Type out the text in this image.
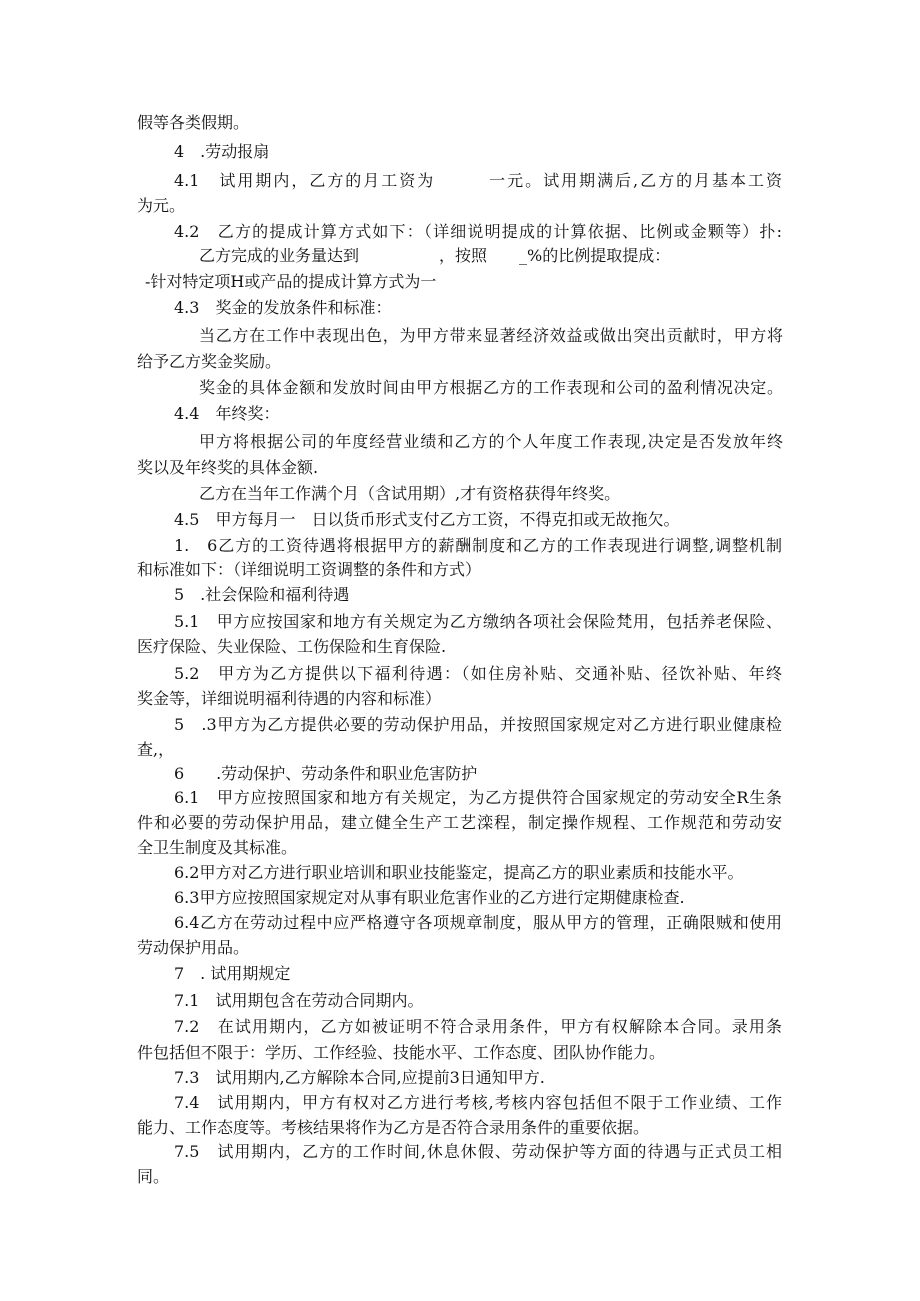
假等各类假期。
4　.劳动报扇
4.1　试用期内，乙方的月工资为　　　一元。试用期满后,乙方的月基本工资
为元。
4.2　乙方的提成计算方式如下：（详细说明提成的计算依据、比例或金颗等）扑:
乙方完成的业务量达到　　　　　，按照　　_%的比例提取提成：
-针对特定项H或产品的提成计算方式为一
4.3　奖金的发放条件和标准：
当乙方在工作中表现出色，为甲方带来显著经济效益或做出突出贡献时，甲方将
给予乙方奖金奖励。
奖金的具体金额和发放时间由甲方根据乙方的工作表现和公司的盈利情况决定。
4.4　年终奖：
甲方将根据公司的年度经营业绩和乙方的个人年度工作表现,决定是否发放年终
奖以及年终奖的具体金额.
乙方在当年工作满个月（含试用期）,才有资格获得年终奖。
4.5　甲方每月一　日以货币形式支付乙方工资，不得克扣或无故拖欠。
1.　6乙方的工资待遇将根据甲方的薪酬制度和乙方的工作表现进行调整,调整机制
和标准如下：（详细说明工资调整的条件和方式）
5　.社会保险和福利待遇
5.1　甲方应按国家和地方有关规定为乙方缴纳各项社会保险梵用，包括养老保险、
医疗保险、失业保险、工伤保险和生育保险.
5.2　甲方为乙方提供以下福利待遇：（如住房补贴、交通补贴、径饮补贴、年终
奖金等，详细说明福利待遇的内容和标准）
5　.3甲方为乙方提供必要的劳动保护用品，并按照国家规定对乙方进行职业健康检
查,，
6　　.劳动保护、劳动条件和职业危害防护
6.1　甲方应按照国家和地方有关规定，为乙方提供符合国家规定的劳动安全R生条
件和必要的劳动保护用品，建立健全生产工艺滦程，制定操作规程、工作规范和劳动安
全卫生制度及其标准。
6.2甲方对乙方进行职业培训和职业技能鉴定，提高乙方的职业素质和技能水平。
6.3甲方应按照国家规定对从事有职业危害作业的乙方进行定期健康检查.
6.4乙方在劳动过程中应严格遵守各项规章制度，服从甲方的管理，正确限贼和使用
劳动保护用品。
7　. 试用期规定
7.1　试用期包含在劳动合同期内。
7.2　在试用期内，乙方如被证明不符合录用条件，甲方有权解除本合同。录用条
件包括但不限于：学历、工作经验、技能水平、工作态度、团队协作能力。
7.3　试用期内,乙方解除本合同,应提前3日通知甲方.
7.4　试用期内，甲方有权对乙方进行考核,考核内容包括但不限于工作业绩、工作
能力、工作态度等。考核结果将作为乙方是否符合录用条件的重要依据。
7.5　试用期内，乙方的工作时间,休息休假、劳动保护等方面的待遇与正式员工相
同。
